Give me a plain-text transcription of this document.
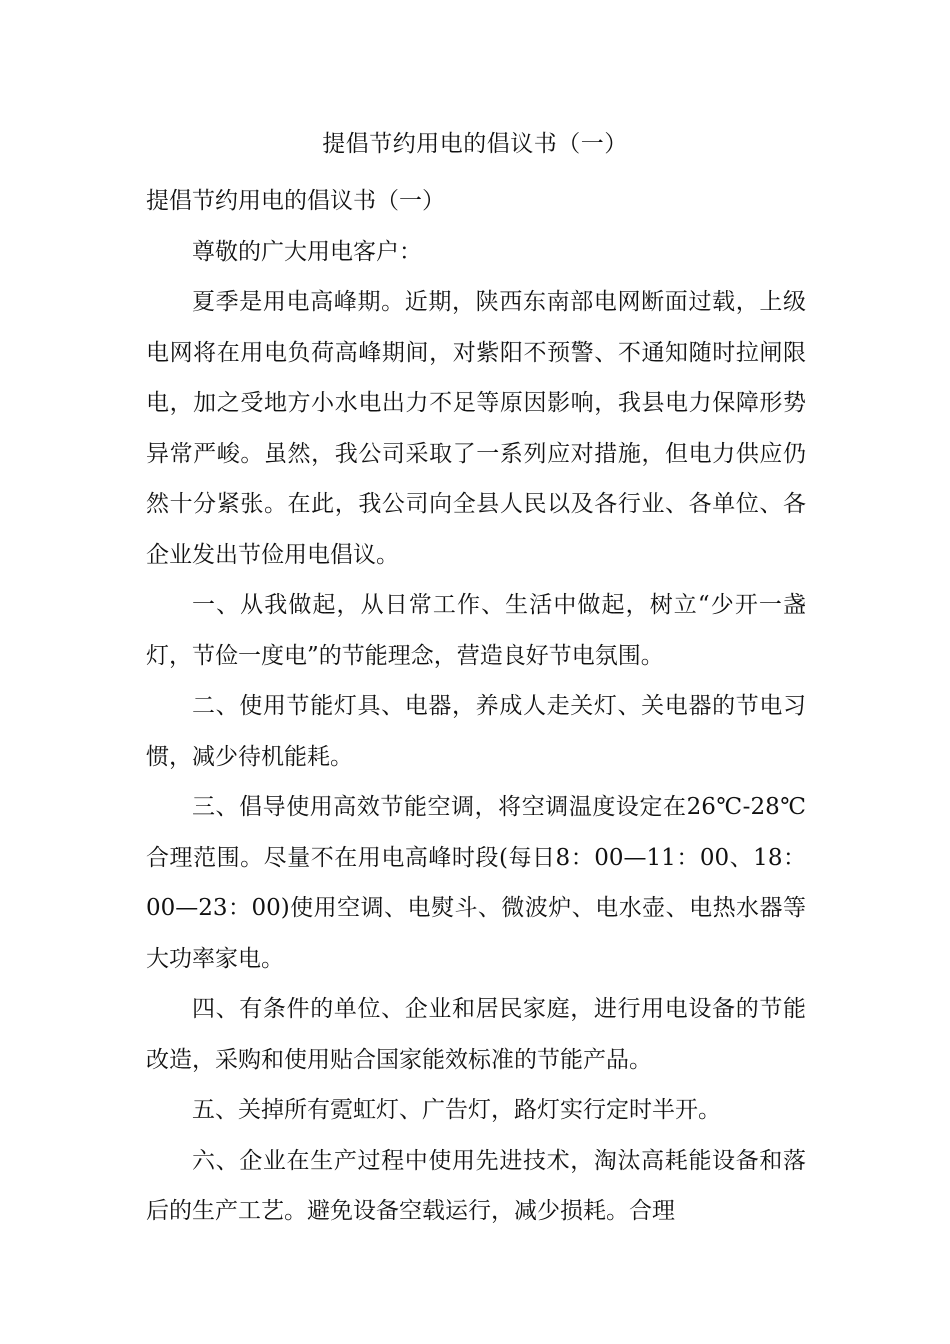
提倡节约用电的倡议书（一）

提倡节约用电的倡议书（一）

尊敬的广大用电客户：

夏季是用电高峰期。近期，陕西东南部电网断面过载，上级电网将在用电负荷高峰期间，对紫阳不预警、不通知随时拉闸限电，加之受地方小水电出力不足等原因影响，我县电力保障形势异常严峻。虽然，我公司采取了一系列应对措施，但电力供应仍然十分紧张。在此，我公司向全县人民以及各行业、各单位、各企业发出节俭用电倡议。

一、从我做起，从日常工作、生活中做起，树立“少开一盏灯，节俭一度电”的节能理念，营造良好节电氛围。

二、使用节能灯具、电器，养成人走关灯、关电器的节电习惯，减少待机能耗。

三、倡导使用高效节能空调，将空调温度设定在26℃-28℃合理范围。尽量不在用电高峰时段(每日8：00—11：00、18：00—23：00)使用空调、电熨斗、微波炉、电水壶、电热水器等大功率家电。

四、有条件的单位、企业和居民家庭，进行用电设备的节能改造，采购和使用贴合国家能效标准的节能产品。

五、关掉所有霓虹灯、广告灯，路灯实行定时半开。

六、企业在生产过程中使用先进技术，淘汰高耗能设备和落后的生产工艺。避免设备空载运行，减少损耗。合理
